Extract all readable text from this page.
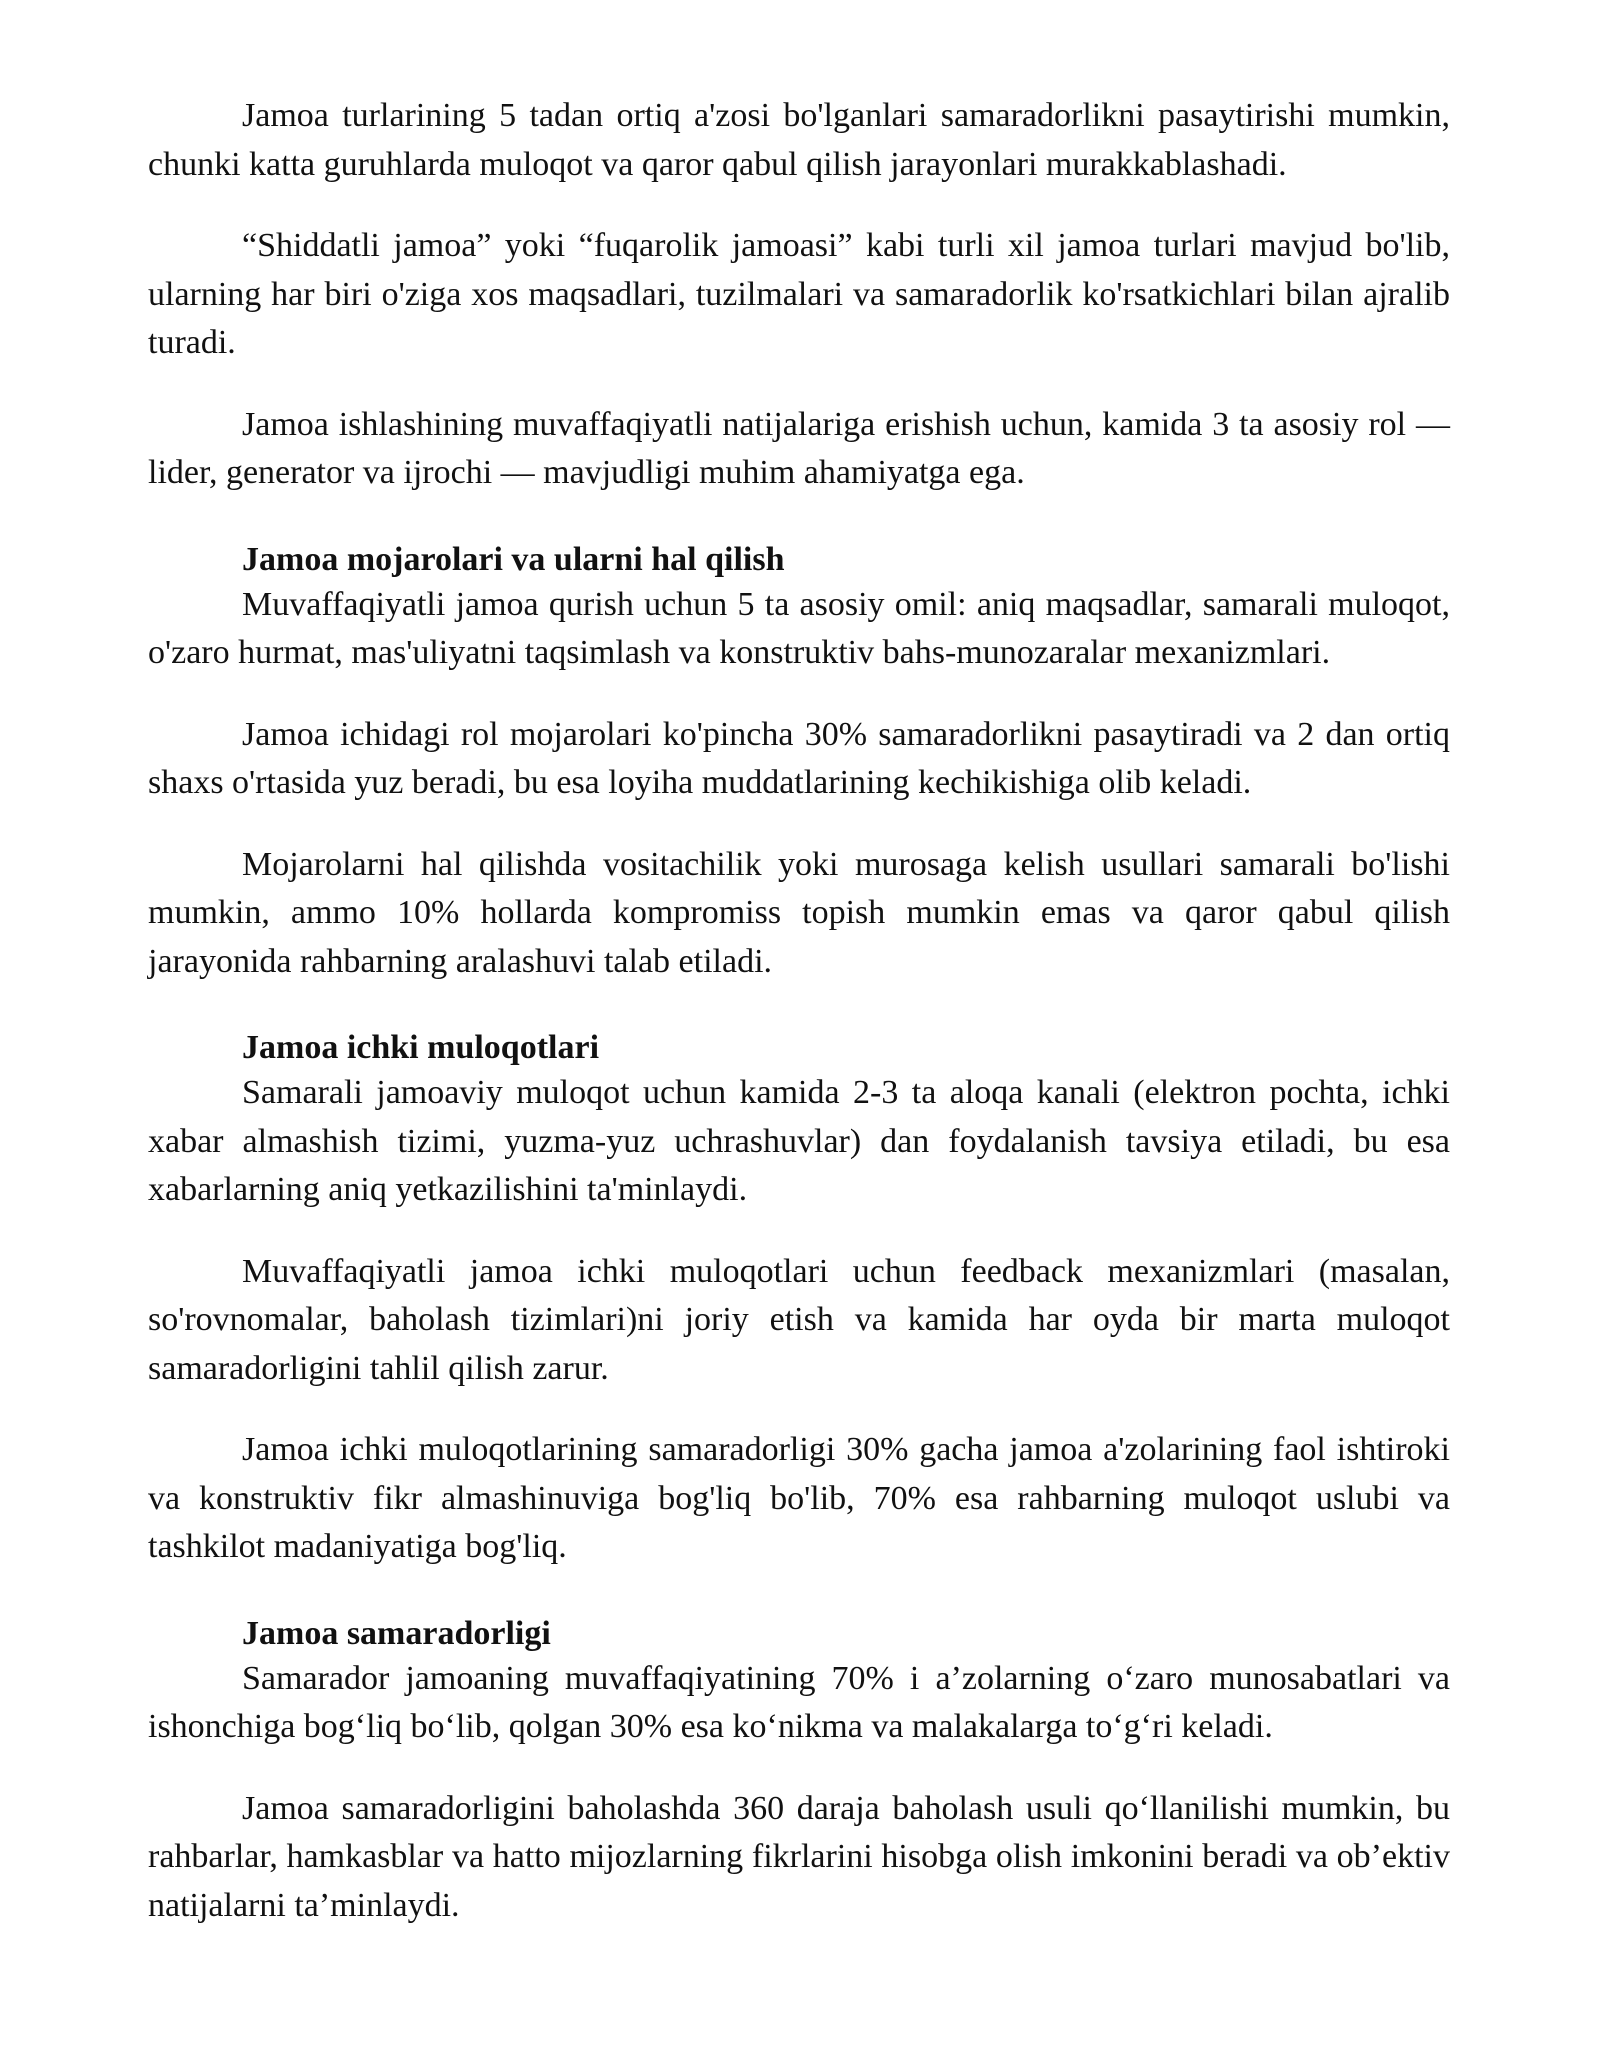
Jamoa turlarining 5 tadan ortiq a'zosi bo'lganlari samaradorlikni pasaytirishi mumkin, chunki katta guruhlarda muloqot va qaror qabul qilish jarayonlari murakkablashadi.

“Shiddatli jamoa” yoki “fuqarolik jamoasi” kabi turli xil jamoa turlari mavjud bo'lib, ularning har biri o'ziga xos maqsadlari, tuzilmalari va samaradorlik ko'rsatkichlari bilan ajralib turadi.

Jamoa ishlashining muvaffaqiyatli natijalariga erishish uchun, kamida 3 ta asosiy rol — lider, generator va ijrochi — mavjudligi muhim ahamiyatga ega.

Jamoa mojarolari va ularni hal qilish

Muvaffaqiyatli jamoa qurish uchun 5 ta asosiy omil: aniq maqsadlar, samarali muloqot, o'zaro hurmat, mas'uliyatni taqsimlash va konstruktiv bahs-munozaralar mexanizmlari.

Jamoa ichidagi rol mojarolari ko'pincha 30% samaradorlikni pasaytiradi va 2 dan ortiq shaxs o'rtasida yuz beradi, bu esa loyiha muddatlarining kechikishiga olib keladi.

Mojarolarni hal qilishda vositachilik yoki murosaga kelish usullari samarali bo'lishi mumkin, ammo 10% hollarda kompromiss topish mumkin emas va qaror qabul qilish jarayonida rahbarning aralashuvi talab etiladi.

Jamoa ichki muloqotlari

Samarali jamoaviy muloqot uchun kamida 2-3 ta aloqa kanali (elektron pochta, ichki xabar almashish tizimi, yuzma-yuz uchrashuvlar) dan foydalanish tavsiya etiladi, bu esa xabarlarning aniq yetkazilishini ta'minlaydi.

Muvaffaqiyatli jamoa ichki muloqotlari uchun feedback mexanizmlari (masalan, so'rovnomalar, baholash tizimlari)ni joriy etish va kamida har oyda bir marta muloqot samaradorligini tahlil qilish zarur.

Jamoa ichki muloqotlarining samaradorligi 30% gacha jamoa a'zolarining faol ishtiroki va konstruktiv fikr almashinuviga bog'liq bo'lib, 70% esa rahbarning muloqot uslubi va tashkilot madaniyatiga bog'liq.

Jamoa samaradorligi

Samarador jamoaning muvaffaqiyatining 70% i a’zolarning o‘zaro munosabatlari va ishonchiga bog‘liq bo‘lib, qolgan 30% esa ko‘nikma va malakalarga to‘g‘ri keladi.

Jamoa samaradorligini baholashda 360 daraja baholash usuli qo‘llanilishi mumkin, bu rahbarlar, hamkasblar va hatto mijozlarning fikrlarini hisobga olish imkonini beradi va ob’ektiv natijalarni ta’minlaydi.
